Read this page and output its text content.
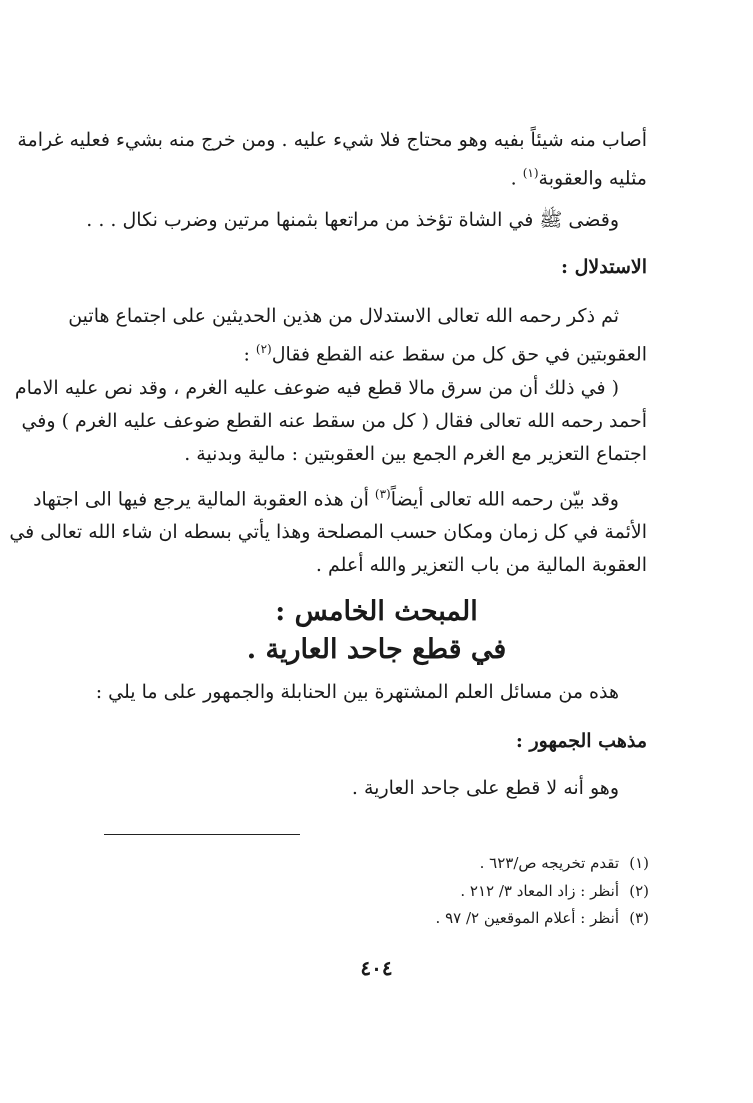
أصاب منه شيئاً بفيه وهو محتاج فلا شيء عليه . ومن خرج منه بشيء فعليه غرامة
مثليه والعقوبة$^{(١)}$ .
وقضى ﷺ في الشاة تؤخذ من مراتعها بثمنها مرتين وضرب نكال . . .
الاستدلال :
ثم ذكر رحمه الله تعالى الاستدلال من هذين الحديثين على اجتماع هاتين
العقوبتين في حق كل من سقط عنه القطع فقال$^{(٢)}$ :
( في ذلك أن من سرق مالا قطع فيه ضوعف عليه الغرم ، وقد نص عليه الامام
أحمد رحمه الله تعالى فقال ( كل من سقط عنه القطع ضوعف عليه الغرم ) وفي
اجتماع التعزير مع الغرم الجمع بين العقوبتين : مالية وبدنية .
وقد بيّن رحمه الله تعالى أيضاً$^{(٣)}$ أن هذه العقوبة المالية يرجع فيها الى اجتهاد
الأئمة في كل زمان ومكان حسب المصلحة وهذا يأتي بسطه ان شاء الله تعالى في
العقوبة المالية من باب التعزير والله أعلم .
المبحث الخامس :
في قطع جاحد العارية .
هذه من مسائل العلم المشتهرة بين الحنابلة والجمهور على ما يلي :
مذهب الجمهور :
وهو أنه لا قطع على جاحد العارية .
(١)تقدم تخريجه ص/٦٢٣ .
(٢)أنظر : زاد المعاد ٣/ ٢١٢ .
(٣)أنظر : أعلام الموقعين ٢/ ٩٧ .
٤٠٤
